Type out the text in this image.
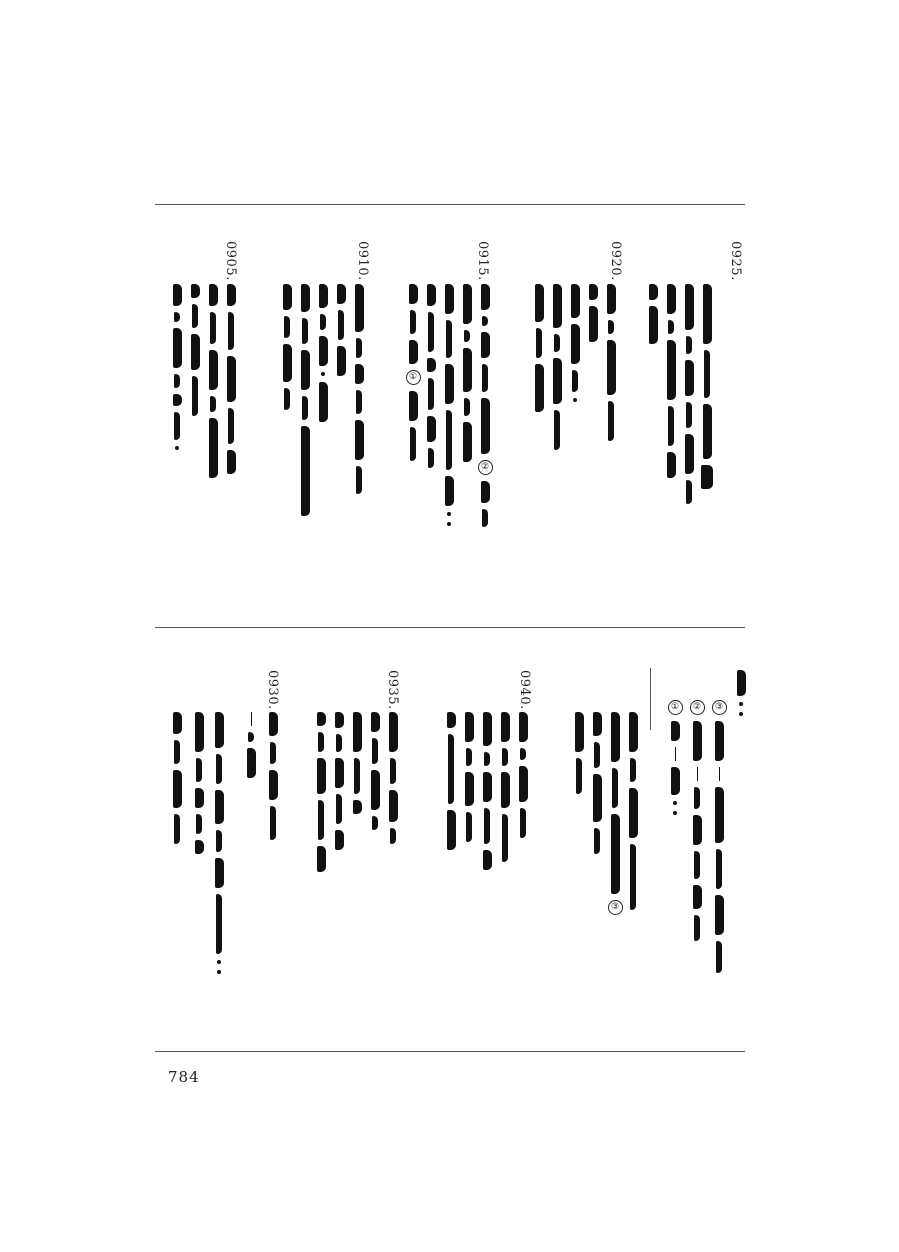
0925.
0920.
0915.
0910.
0905.
②
①
③
②
①
0940.
0935.
0930.
③
784
